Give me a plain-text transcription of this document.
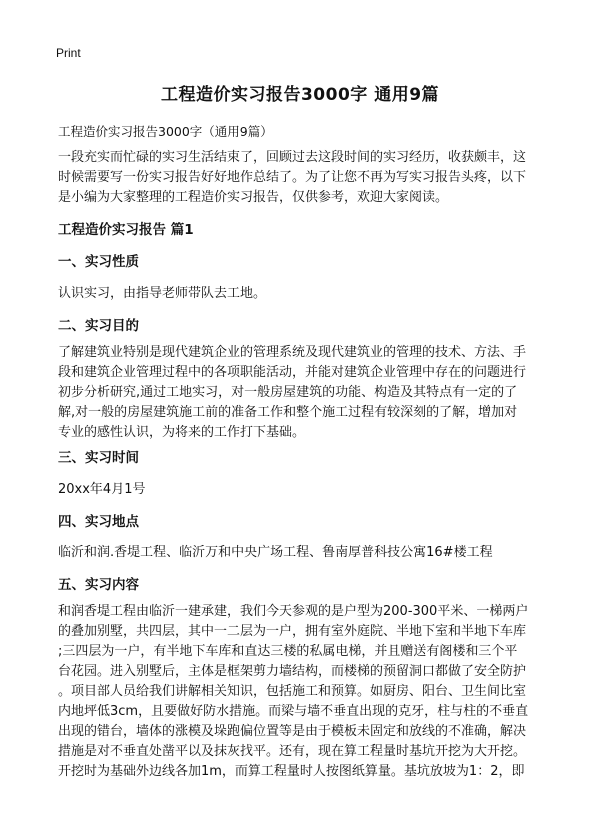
Print
工程造价实习报告3000字 通用9篇
工程造价实习报告3000字（通用9篇）
一段充实而忙碌的实习生活结束了，回顾过去这段时间的实习经历，收获颇丰，这
时候需要写一份实习报告好好地作总结了。为了让您不再为写实习报告头疼，以下
是小编为大家整理的工程造价实习报告，仅供参考，欢迎大家阅读。
工程造价实习报告 篇1
一、实习性质
认识实习，由指导老师带队去工地。
二、实习目的
了解建筑业特别是现代建筑企业的管理系统及现代建筑业的管理的技术、方法、手
段和建筑企业管理过程中的各项职能活动，并能对建筑企业管理中存在的问题进行
初步分析研究,通过工地实习，对一般房屋建筑的功能、构造及其特点有一定的了
解,对一般的房屋建筑施工前的准备工作和整个施工过程有较深刻的了解，增加对
专业的感性认识，为将来的工作打下基础。
三、实习时间
20xx年4月1号
四、实习地点
临沂和润.香堤工程、临沂万和中央广场工程、鲁南厚普科技公寓16#楼工程
五、实习内容
和润香堤工程由临沂一建承建，我们今天参观的是户型为200-300平米、一梯两户
的叠加别墅，共四层，其中一二层为一户，拥有室外庭院、半地下室和半地下车库
;三四层为一户，有半地下车库和直达三楼的私属电梯，并且赠送有阁楼和三个平
台花园。进入别墅后，主体是框架剪力墙结构，而楼梯的预留洞口都做了安全防护
。项目部人员给我们讲解相关知识，包括施工和预算。如厨房、阳台、卫生间比室
内地坪低3cm，且要做好防水措施。而梁与墙不垂直出现的克牙，柱与柱的不垂直
出现的错台，墙体的涨模及垛跑偏位置等是由于模板未固定和放线的不准确，解决
措施是对不垂直处凿平以及抹灰找平。还有，现在算工程量时基坑开挖为大开挖。
开挖时为基础外边线各加1m，而算工程量时人按图纸算量。基坑放坡为1：2，即
